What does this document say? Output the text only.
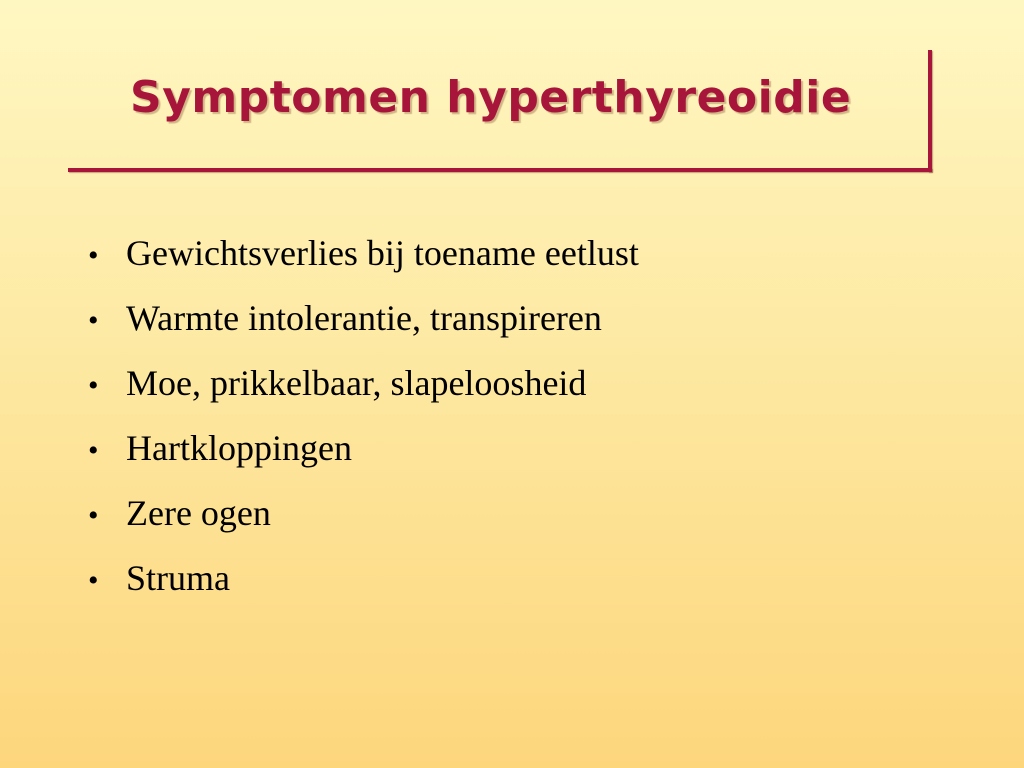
Symptomen hyperthyreoidie
• Gewichtsverlies bij toename eetlust
• Warmte intolerantie, transpireren
• Moe, prikkelbaar, slapeloosheid
• Hartkloppingen
• Zere ogen
• Struma
